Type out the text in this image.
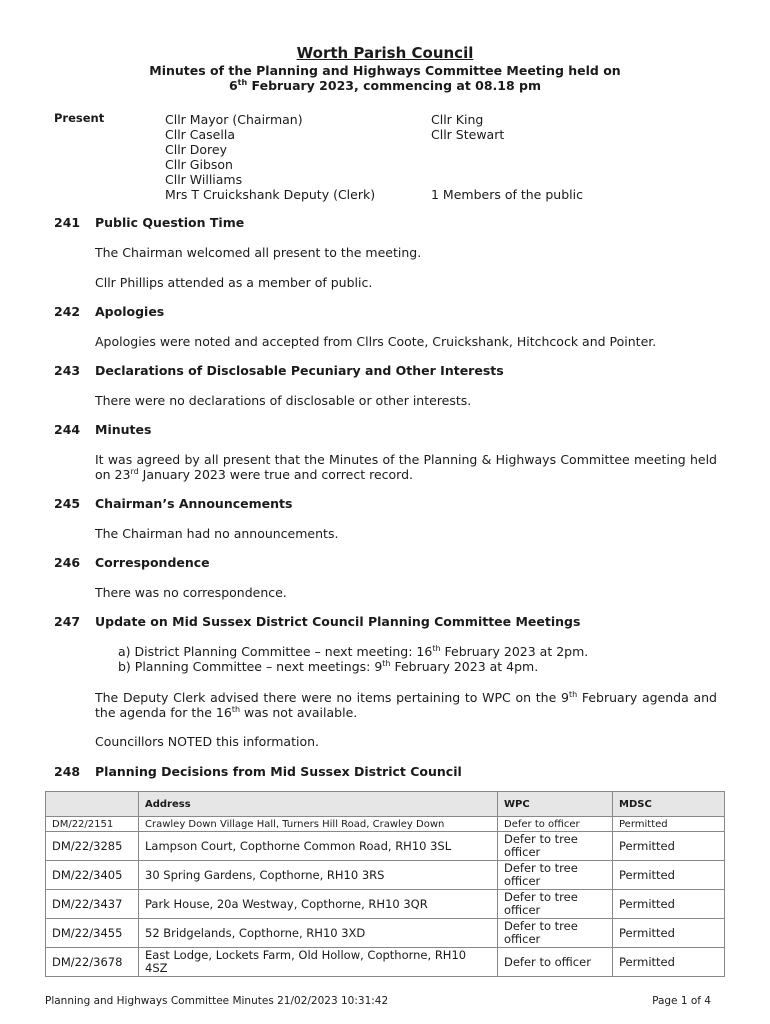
Worth Parish Council
Minutes of the Planning and Highways Committee Meeting held on
6th February 2023, commencing at 08.18 pm
Present	Cllr Mayor (Chairman)
Cllr Casella
Cllr Dorey
Cllr Gibson
Cllr Williams
Mrs T Cruickshank Deputy (Clerk)
Cllr King
Cllr Stewart
1 Members of the public
241 Public Question Time
The Chairman welcomed all present to the meeting.
Cllr Phillips attended as a member of public.
242 Apologies
Apologies were noted and accepted from Cllrs Coote, Cruickshank, Hitchcock and Pointer.
243 Declarations of Disclosable Pecuniary and Other Interests
There were no declarations of disclosable or other interests.
244 Minutes
It was agreed by all present that the Minutes of the Planning & Highways Committee meeting held on 23rd January 2023 were true and correct record.
245 Chairman’s Announcements
The Chairman had no announcements.
246 Correspondence
There was no correspondence.
247 Update on Mid Sussex District Council Planning Committee Meetings
a) District Planning Committee – next meeting: 16th February 2023 at 2pm.
b) Planning Committee – next meetings: 9th February 2023 at 4pm.
The Deputy Clerk advised there were no items pertaining to WPC on the 9th February agenda and the agenda for the 16th was not available.
Councillors NOTED this information.
248 Planning Decisions from Mid Sussex District Council
	Address	WPC	MDSC
DM/22/2151	Crawley Down Village Hall, Turners Hill Road, Crawley Down	Defer to officer	Permitted
DM/22/3285	Lampson Court, Copthorne Common Road, RH10 3SL	Defer to tree officer	Permitted
DM/22/3405	30 Spring Gardens, Copthorne, RH10 3RS	Defer to tree officer	Permitted
DM/22/3437	Park House, 20a Westway, Copthorne, RH10 3QR	Defer to tree officer	Permitted
DM/22/3455	52 Bridgelands, Copthorne, RH10 3XD	Defer to tree officer	Permitted
DM/22/3678	East Lodge, Lockets Farm, Old Hollow, Copthorne, RH10 4SZ	Defer to officer	Permitted
Planning and Highways Committee Minutes 21/02/2023 10:31:42	Page 1 of 4
